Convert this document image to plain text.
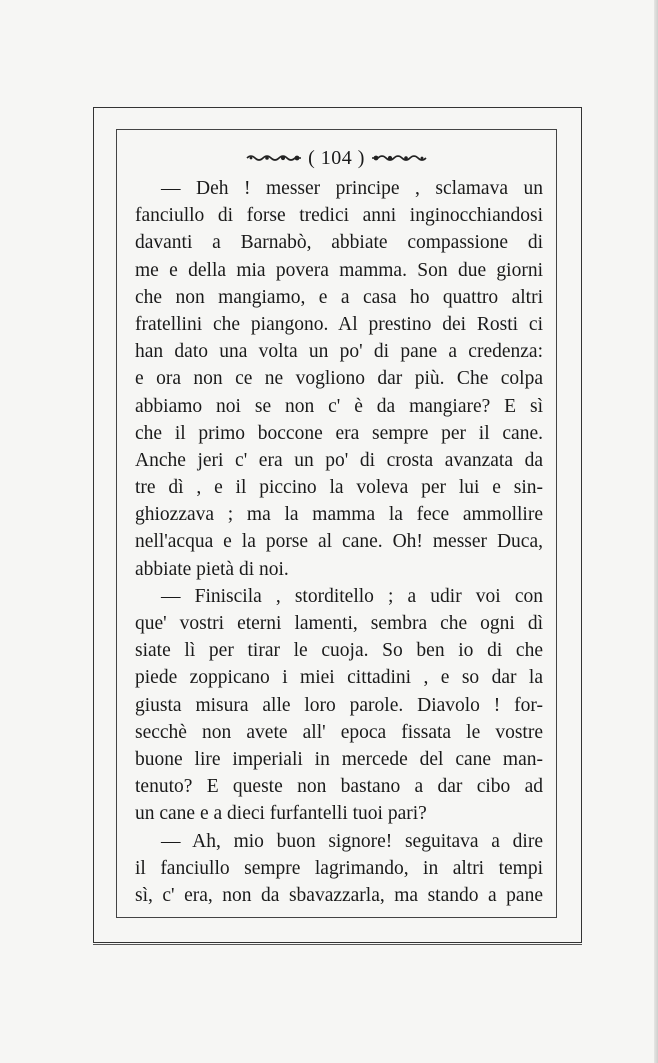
( 104 )
— Deh ! messer principe , sclamava un
fanciullo di forse tredici anni inginocchiandosi
davanti a Barnabò, abbiate compassione di
me e della mia povera mamma. Son due giorni
che non mangiamo, e a casa ho quattro altri
fratellini che piangono. Al prestino dei Rosti ci
han dato una volta un po' di pane a credenza:
e ora non ce ne vogliono dar più. Che colpa
abbiamo noi se non c' è da mangiare? E sì
che il primo boccone era sempre per il cane.
Anche jeri c' era un po' di crosta avanzata da
tre dì , e il piccino la voleva per lui e sin-
ghiozzava ; ma la mamma la fece ammollire
nell'acqua e la porse al cane. Oh! messer Duca,
abbiate pietà di noi.
— Finiscila , storditello ; a udir voi con
que' vostri eterni lamenti, sembra che ogni dì
siate lì per tirar le cuoja. So ben io di che
piede zoppicano i miei cittadini , e so dar la
giusta misura alle loro parole. Diavolo ! for-
secchè non avete all' epoca fissata le vostre
buone lire imperiali in mercede del cane man-
tenuto? E queste non bastano a dar cibo ad
un cane e a dieci furfantelli tuoi pari?
— Ah, mio buon signore! seguitava a dire
il fanciullo sempre lagrimando, in altri tempi
sì, c' era, non da sbavazzarla, ma stando a pane
